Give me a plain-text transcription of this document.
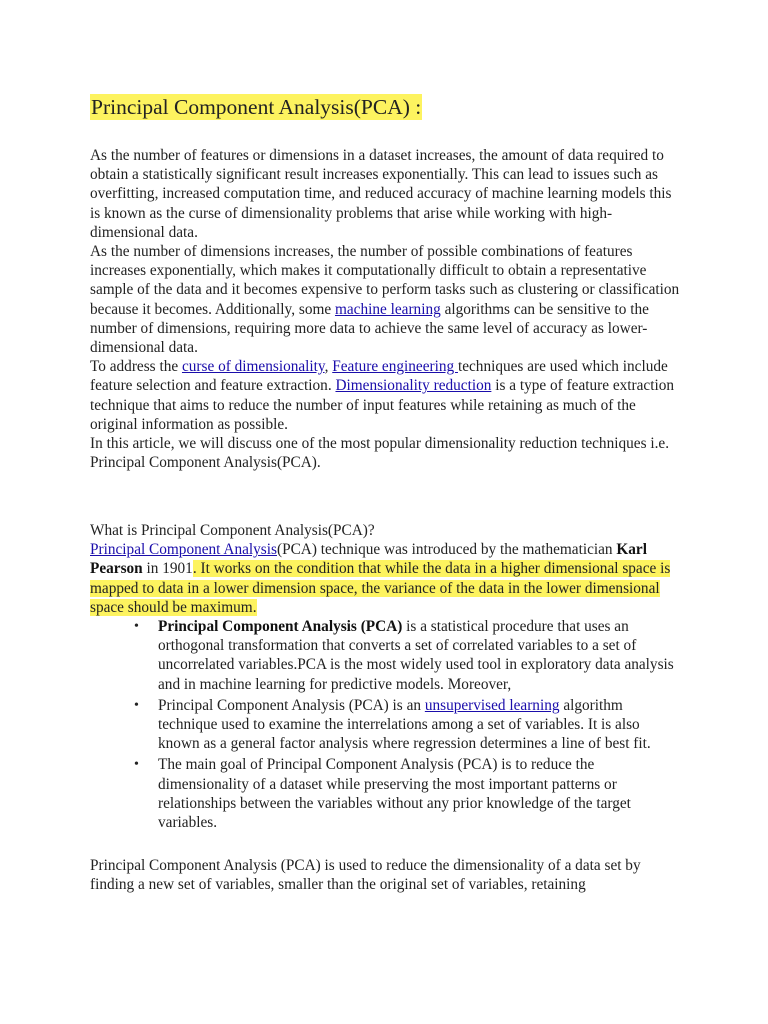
Principal Component Analysis(PCA) :

As the number of features or dimensions in a dataset increases, the amount of data required to obtain a statistically significant result increases exponentially. This can lead to issues such as overfitting, increased computation time, and reduced accuracy of machine learning models this is known as the curse of dimensionality problems that arise while working with high-dimensional data.

As the number of dimensions increases, the number of possible combinations of features increases exponentially, which makes it computationally difficult to obtain a representative sample of the data and it becomes expensive to perform tasks such as clustering or classification because it becomes. Additionally, some machine learning algorithms can be sensitive to the number of dimensions, requiring more data to achieve the same level of accuracy as lower-dimensional data.

To address the curse of dimensionality, Feature engineering techniques are used which include feature selection and feature extraction. Dimensionality reduction is a type of feature extraction technique that aims to reduce the number of input features while retaining as much of the original information as possible.

In this article, we will discuss one of the most popular dimensionality reduction techniques i.e. Principal Component Analysis(PCA).

What is Principal Component Analysis(PCA)?

Principal Component Analysis(PCA) technique was introduced by the mathematician Karl Pearson in 1901. It works on the condition that while the data in a higher dimensional space is mapped to data in a lower dimension space, the variance of the data in the lower dimensional space should be maximum.

• Principal Component Analysis (PCA) is a statistical procedure that uses an orthogonal transformation that converts a set of correlated variables to a set of uncorrelated variables.PCA is the most widely used tool in exploratory data analysis and in machine learning for predictive models. Moreover,
• Principal Component Analysis (PCA) is an unsupervised learning algorithm technique used to examine the interrelations among a set of variables. It is also known as a general factor analysis where regression determines a line of best fit.
• The main goal of Principal Component Analysis (PCA) is to reduce the dimensionality of a dataset while preserving the most important patterns or relationships between the variables without any prior knowledge of the target variables.

Principal Component Analysis (PCA) is used to reduce the dimensionality of a data set by finding a new set of variables, smaller than the original set of variables, retaining
